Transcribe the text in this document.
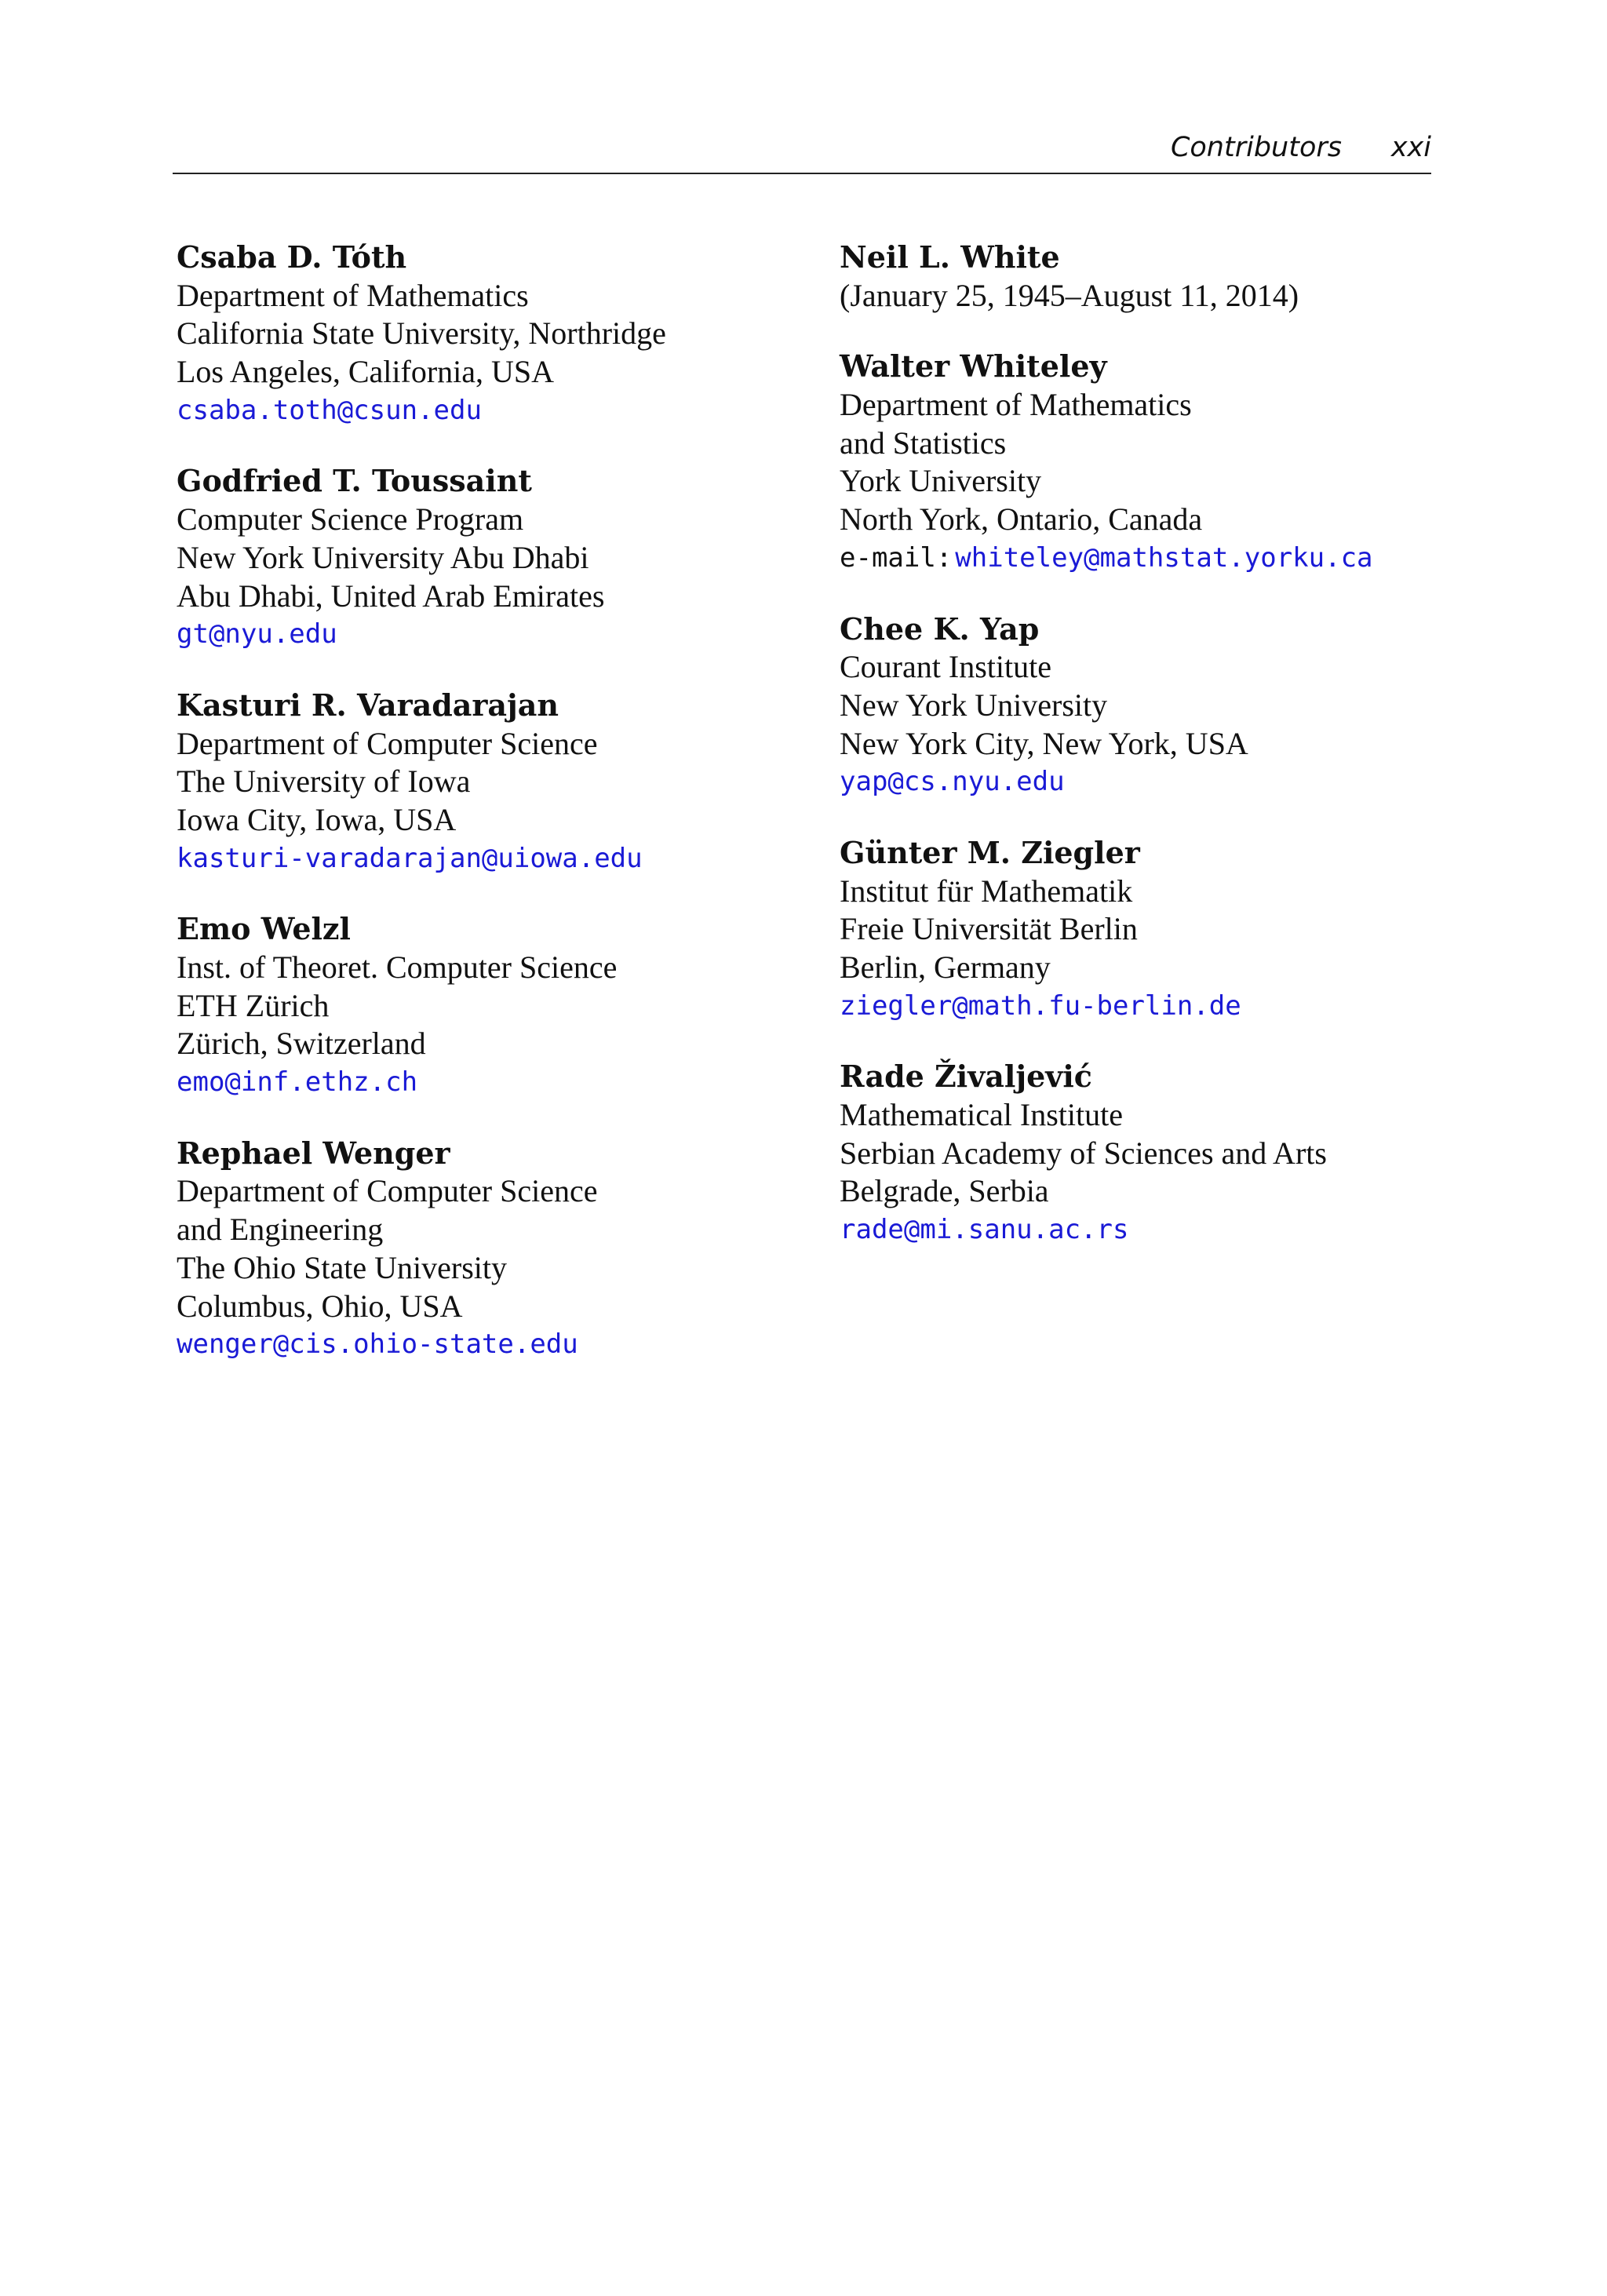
Contributors xxi
Csaba D. Tóth
Department of Mathematics
California State University, Northridge
Los Angeles, California, USA
csaba.toth@csun.edu
Godfried T. Toussaint
Computer Science Program
New York University Abu Dhabi
Abu Dhabi, United Arab Emirates
gt@nyu.edu
Kasturi R. Varadarajan
Department of Computer Science
The University of Iowa
Iowa City, Iowa, USA
kasturi-varadarajan@uiowa.edu
Emo Welzl
Inst. of Theoret. Computer Science
ETH Zürich
Zürich, Switzerland
emo@inf.ethz.ch
Rephael Wenger
Department of Computer Science
and Engineering
The Ohio State University
Columbus, Ohio, USA
wenger@cis.ohio-state.edu
Neil L. White
(January 25, 1945–August 11, 2014)
Walter Whiteley
Department of Mathematics
and Statistics
York University
North York, Ontario, Canada
e-mail: whiteley@mathstat.yorku.ca
Chee K. Yap
Courant Institute
New York University
New York City, New York, USA
yap@cs.nyu.edu
Günter M. Ziegler
Institut für Mathematik
Freie Universität Berlin
Berlin, Germany
ziegler@math.fu-berlin.de
Rade Živaljević
Mathematical Institute
Serbian Academy of Sciences and Arts
Belgrade, Serbia
rade@mi.sanu.ac.rs
